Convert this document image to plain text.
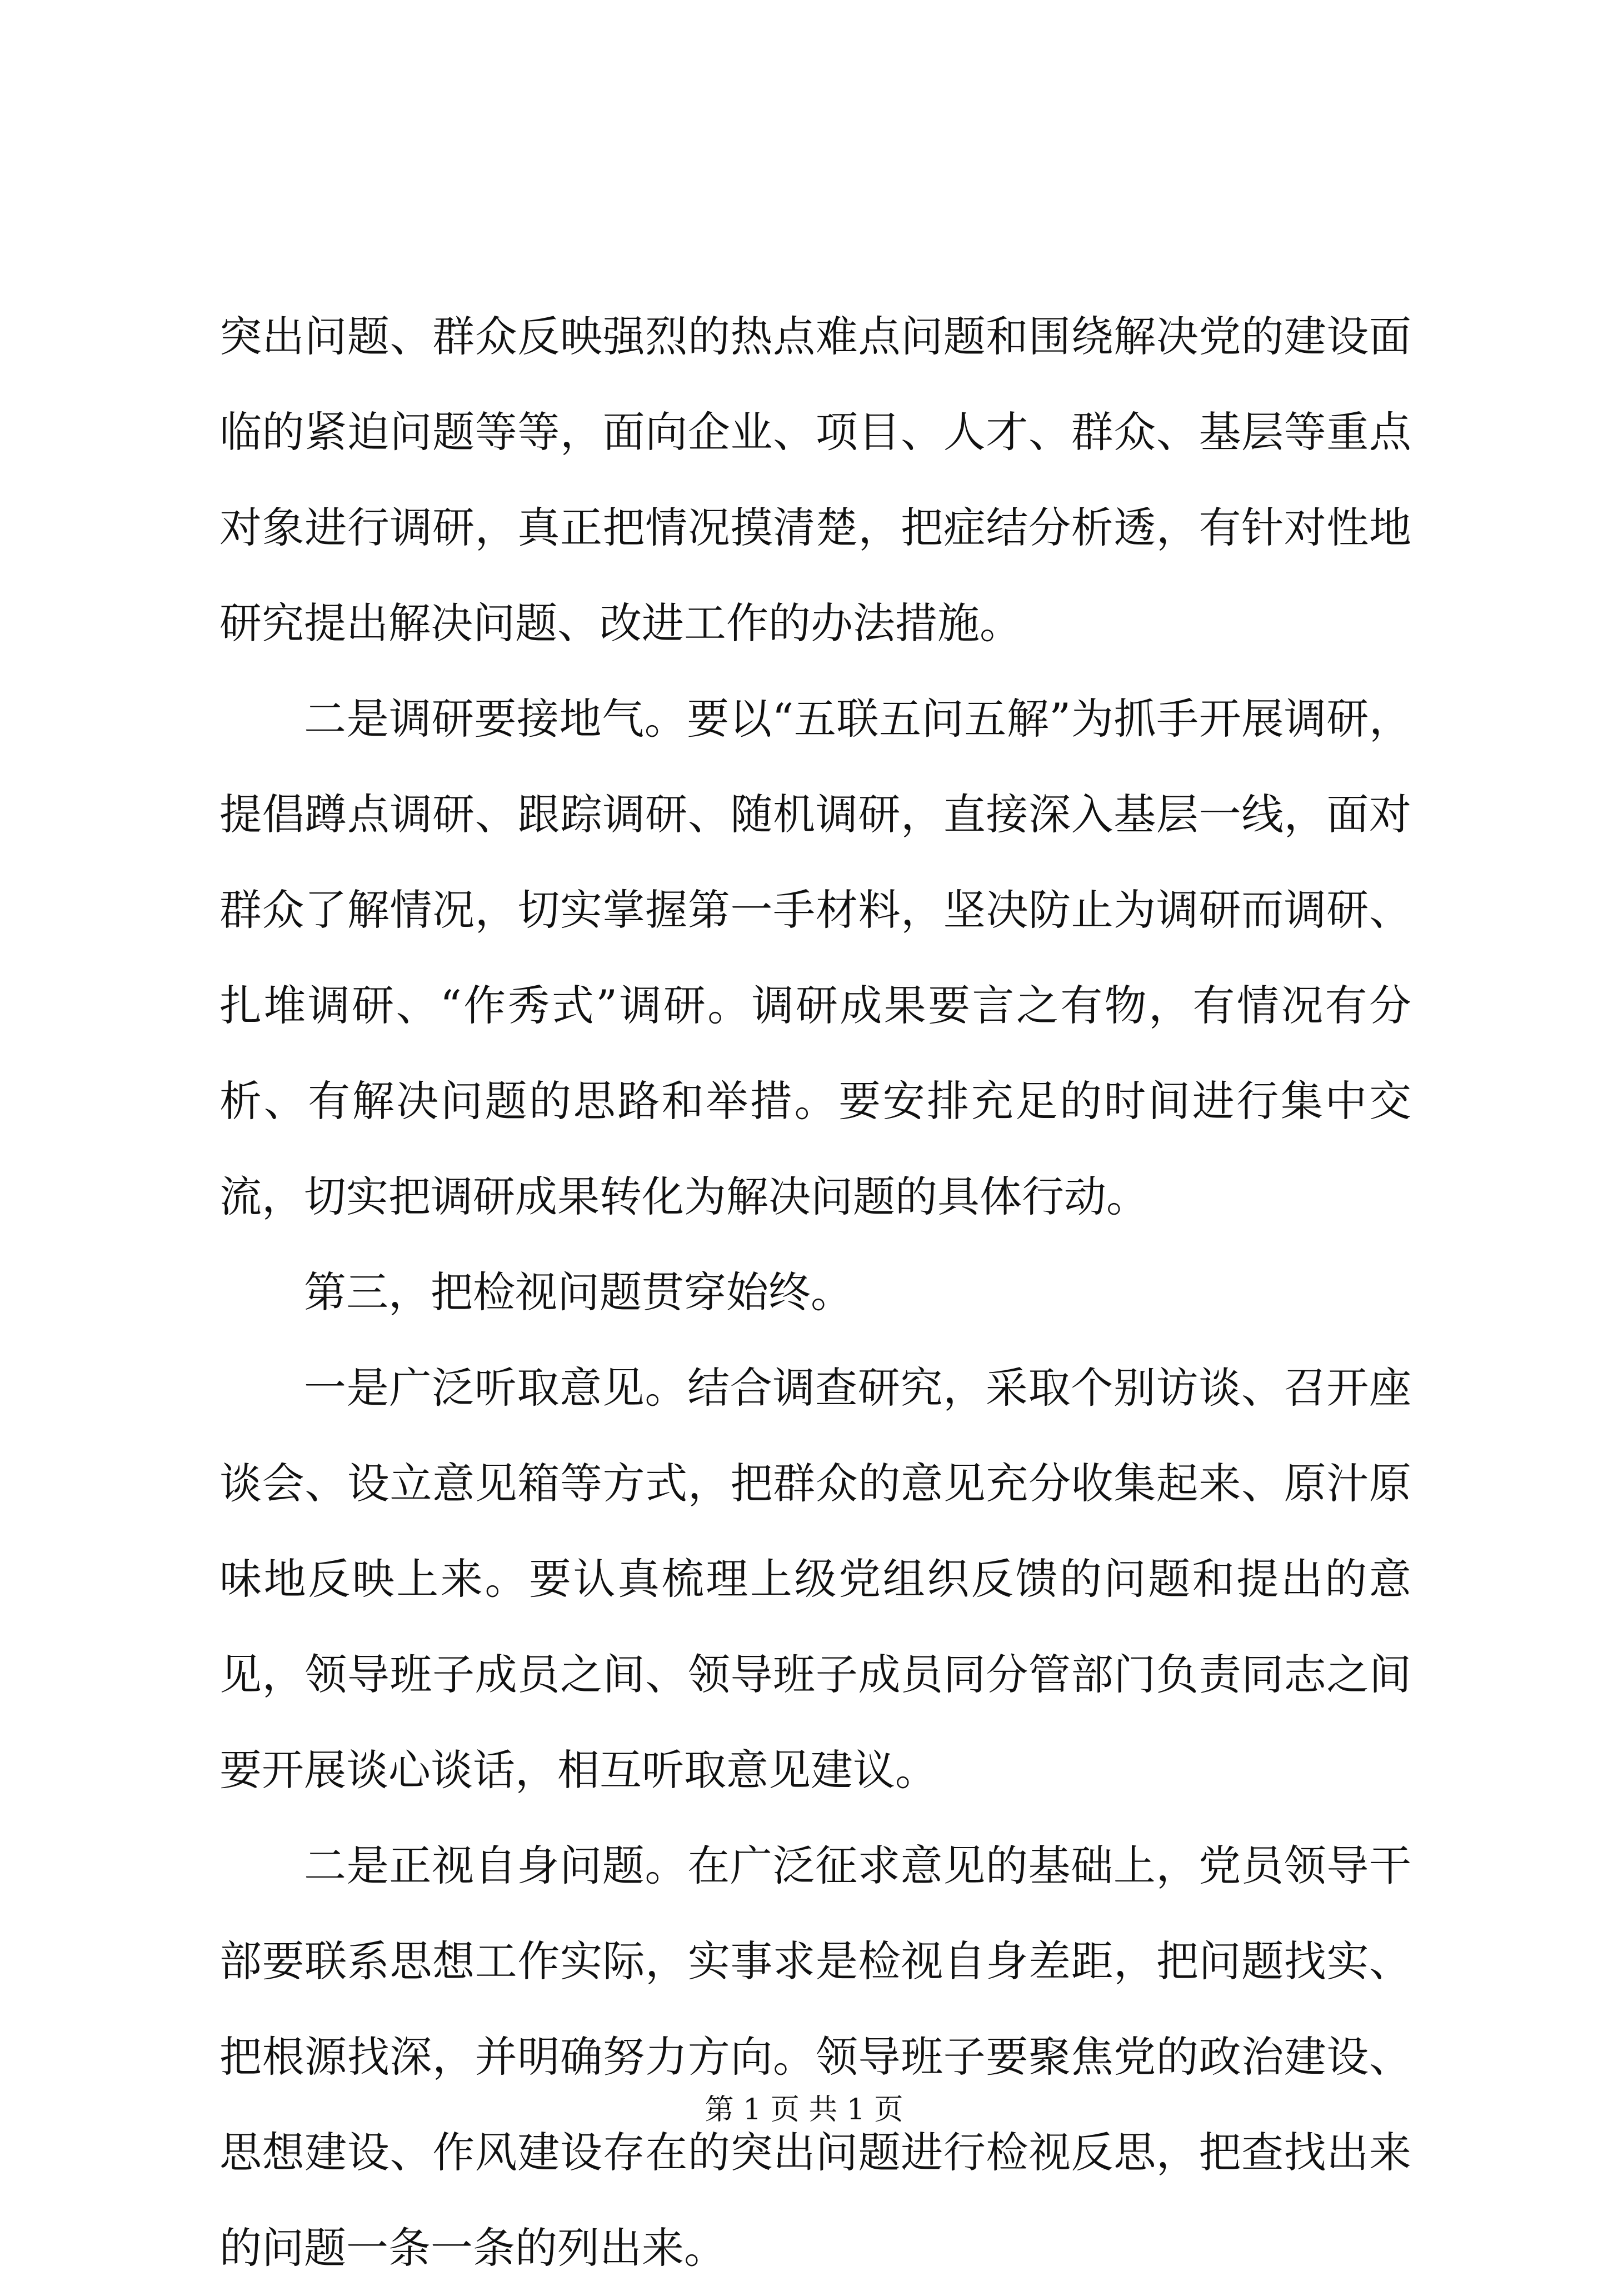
突出问题、群众反映强烈的热点难点问题和围绕解决党的建设面临的紧迫问题等等，面向企业、项目、人才、群众、基层等重点对象进行调研，真正把情况摸清楚，把症结分析透，有针对性地研究提出解决问题、改进工作的办法措施。

二是调研要接地气。要以“五联五问五解”为抓手开展调研，提倡蹲点调研、跟踪调研、随机调研，直接深入基层一线，面对群众了解情况，切实掌握第一手材料，坚决防止为调研而调研、扎堆调研、“作秀式”调研。调研成果要言之有物，有情况有分析、有解决问题的思路和举措。要安排充足的时间进行集中交流，切实把调研成果转化为解决问题的具体行动。

第三，把检视问题贯穿始终。

一是广泛听取意见。结合调查研究，采取个别访谈、召开座谈会、设立意见箱等方式，把群众的意见充分收集起来、原汁原味地反映上来。要认真梳理上级党组织反馈的问题和提出的意见，领导班子成员之间、领导班子成员同分管部门负责同志之间要开展谈心谈话，相互听取意见建议。

二是正视自身问题。在广泛征求意见的基础上，党员领导干部要联系思想工作实际，实事求是检视自身差距，把问题找实、把根源找深，并明确努力方向。领导班子要聚焦党的政治建设、思想建设、作风建设存在的突出问题进行检视反思，把查找出来的问题一条一条的列出来。

第 1 页 共 1 页
